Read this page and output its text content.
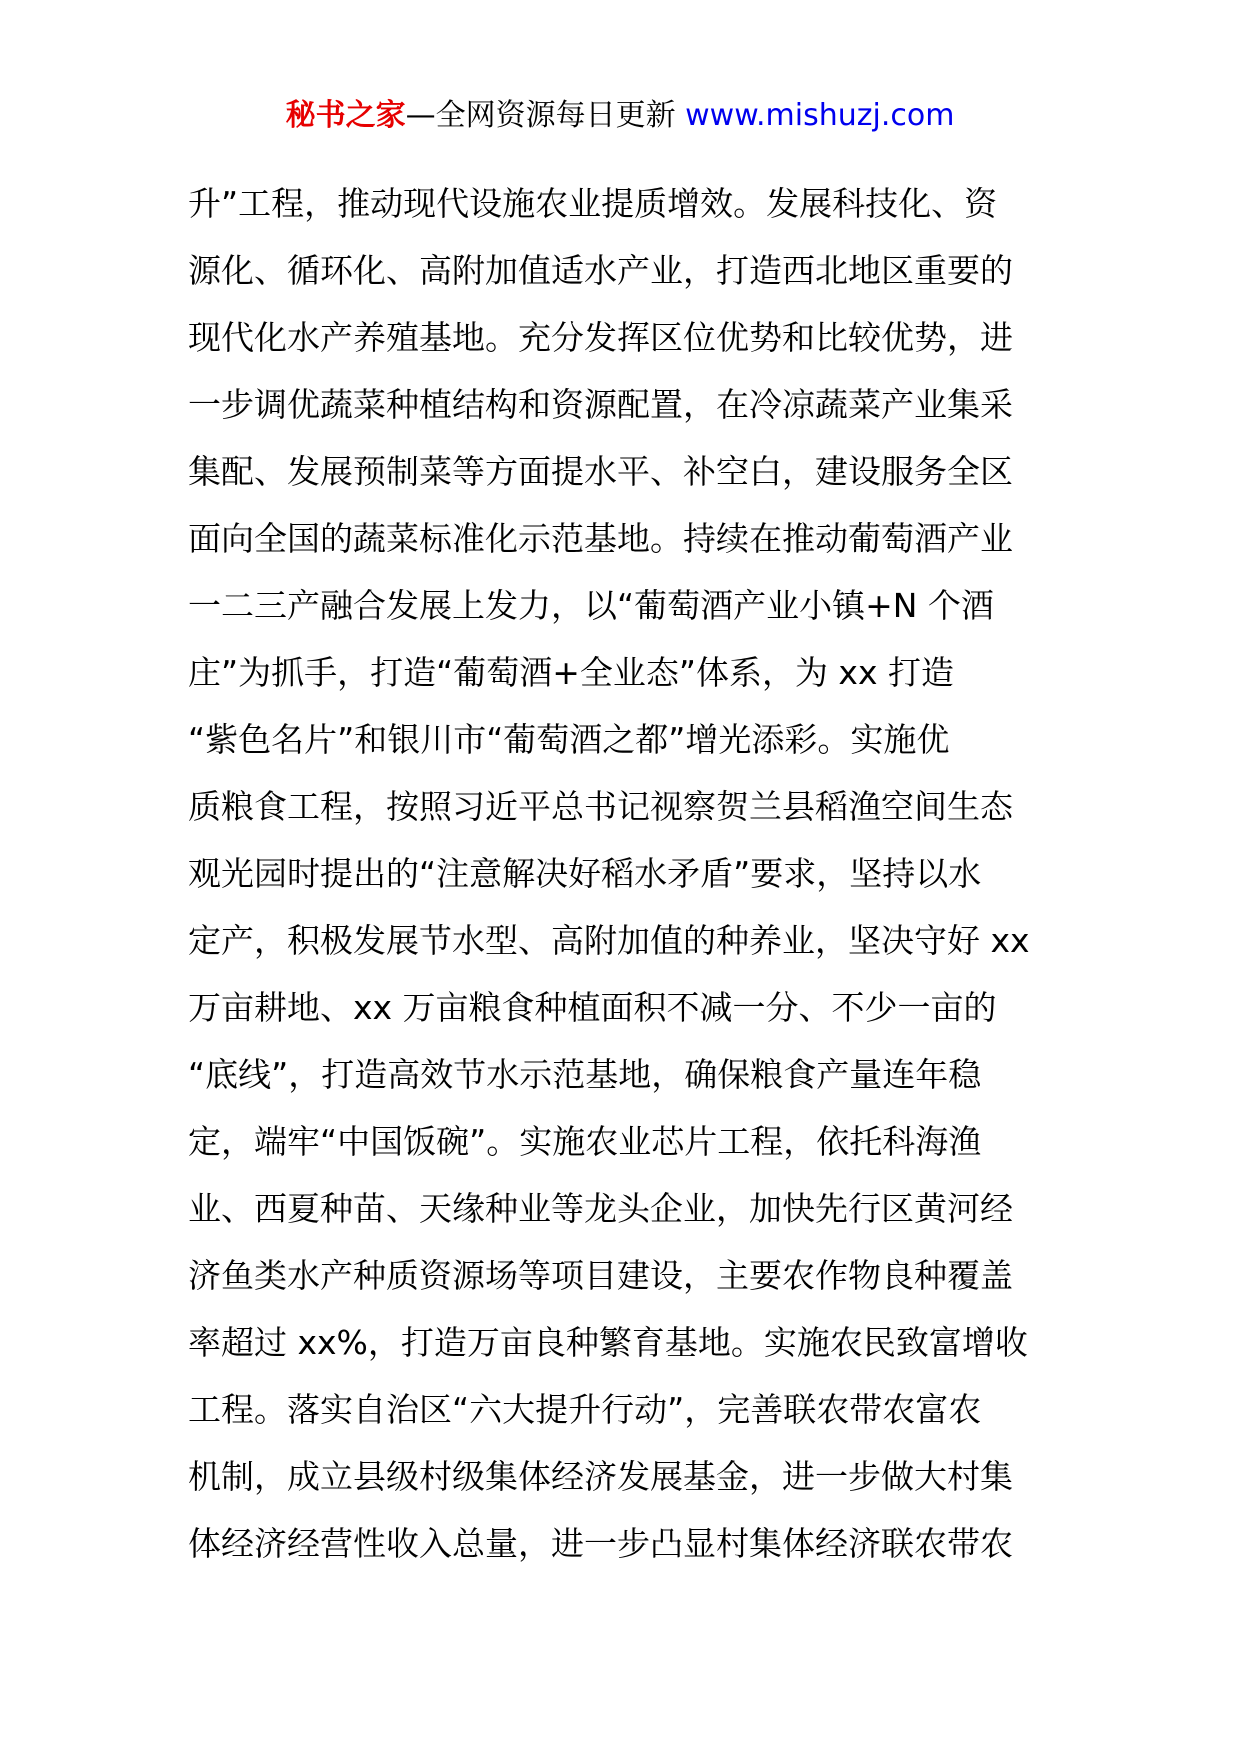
秘书之家—全网资源每日更新 www.mishuzj.com
升”工程，推动现代设施农业提质增效。发展科技化、资
源化、循环化、高附加值适水产业，打造西北地区重要的
现代化水产养殖基地。充分发挥区位优势和比较优势，进
一步调优蔬菜种植结构和资源配置，在冷凉蔬菜产业集采
集配、发展预制菜等方面提水平、补空白，建设服务全区
面向全国的蔬菜标准化示范基地。持续在推动葡萄酒产业
一二三产融合发展上发力，以“葡萄酒产业小镇+N 个酒
庄”为抓手，打造“葡萄酒+全业态”体系，为 xx 打造
“紫色名片”和银川市“葡萄酒之都”增光添彩。实施优
质粮食工程，按照习近平总书记视察贺兰县稻渔空间生态
观光园时提出的“注意解决好稻水矛盾”要求，坚持以水
定产，积极发展节水型、高附加值的种养业，坚决守好 xx
万亩耕地、xx 万亩粮食种植面积不减一分、不少一亩的
“底线”，打造高效节水示范基地，确保粮食产量连年稳
定，端牢“中国饭碗”。实施农业芯片工程，依托科海渔
业、西夏种苗、天缘种业等龙头企业，加快先行区黄河经
济鱼类水产种质资源场等项目建设，主要农作物良种覆盖
率超过 xx%，打造万亩良种繁育基地。实施农民致富增收
工程。落实自治区“六大提升行动”，完善联农带农富农
机制，成立县级村级集体经济发展基金，进一步做大村集
体经济经营性收入总量，进一步凸显村集体经济联农带农
